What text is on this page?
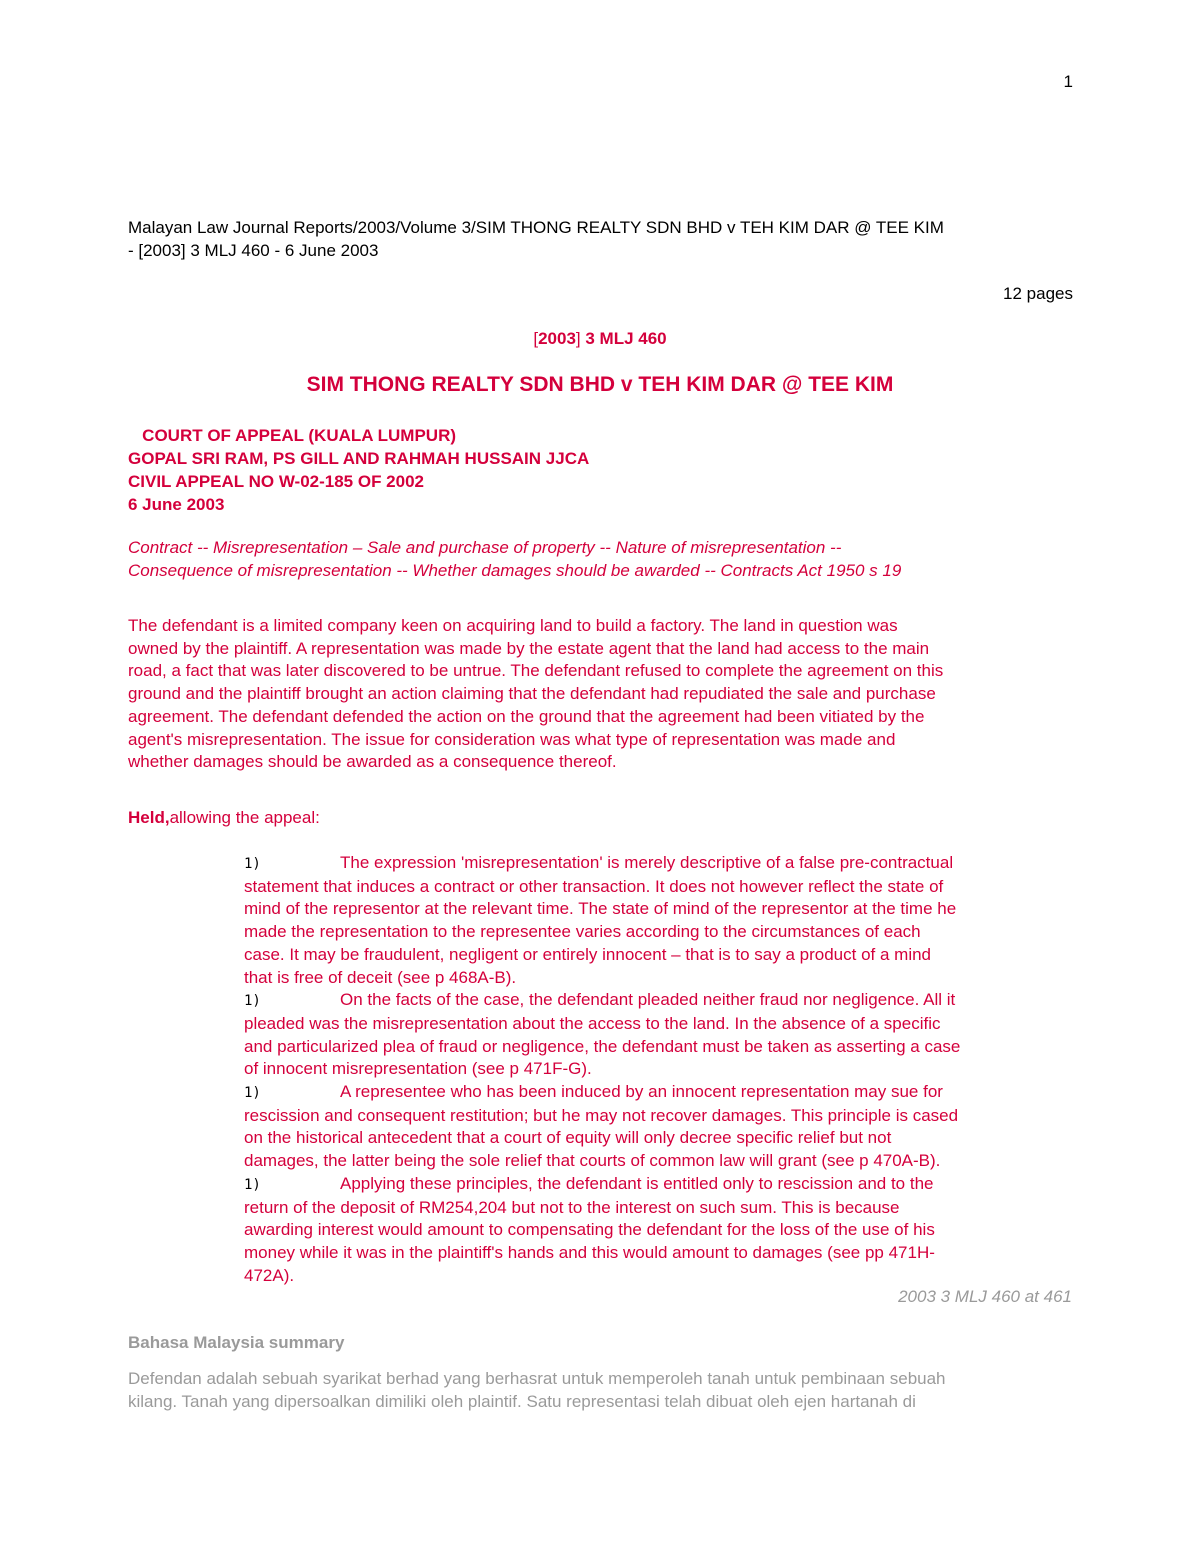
1
Malayan Law Journal Reports/2003/Volume 3/SIM THONG REALTY SDN BHD v TEH KIM DAR @ TEE KIM
- [2003] 3 MLJ 460 - 6 June 2003
12 pages
[2003] 3 MLJ 460
SIM THONG REALTY SDN BHD v TEH KIM DAR @ TEE KIM
COURT OF APPEAL (KUALA LUMPUR)
GOPAL SRI RAM, PS GILL AND RAHMAH HUSSAIN JJCA
CIVIL APPEAL NO W-02-185 OF 2002
6 June 2003
Contract -- Misrepresentation – Sale and purchase of property -- Nature of misrepresentation --
Consequence of misrepresentation -- Whether damages should be awarded -- Contracts Act 1950 s 19
The defendant is a limited company keen on acquiring land to build a factory. The land in question was
owned by the plaintiff. A representation was made by the estate agent that the land had access to the main
road, a fact that was later discovered to be untrue. The defendant refused to complete the agreement on this
ground and the plaintiff brought an action claiming that the defendant had repudiated the sale and purchase
agreement. The defendant defended the action on the ground that the agreement had been vitiated by the
agent's misrepresentation. The issue for consideration was what type of representation was made and
whether damages should be awarded as a consequence thereof.
Held,allowing the appeal:
1)	The expression 'misrepresentation' is merely descriptive of a false pre-contractual
statement that induces a contract or other transaction. It does not however reflect the state of
mind of the representor at the relevant time. The state of mind of the representor at the time he
made the representation to the representee varies according to the circumstances of each
case. It may be fraudulent, negligent or entirely innocent – that is to say a product of a mind
that is free of deceit (see p 468A-B).
1)	On the facts of the case, the defendant pleaded neither fraud nor negligence. All it
pleaded was the misrepresentation about the access to the land. In the absence of a specific
and particularized plea of fraud or negligence, the defendant must be taken as asserting a case
of innocent misrepresentation (see p 471F-G).
1)	A representee who has been induced by an innocent representation may sue for
rescission and consequent restitution; but he may not recover damages. This principle is cased
on the historical antecedent that a court of equity will only decree specific relief but not
damages, the latter being the sole relief that courts of common law will grant (see p 470A-B).
1)	Applying these principles, the defendant is entitled only to rescission and to the
return of the deposit of RM254,204 but not to the interest on such sum. This is because
awarding interest would amount to compensating the defendant for the loss of the use of his
money while it was in the plaintiff's hands and this would amount to damages (see pp 471H-
472A).
2003 3 MLJ 460 at 461
Bahasa Malaysia summary
Defendan adalah sebuah syarikat berhad yang berhasrat untuk memperoleh tanah untuk pembinaan sebuah
kilang. Tanah yang dipersoalkan dimiliki oleh plaintif. Satu representasi telah dibuat oleh ejen hartanah di
